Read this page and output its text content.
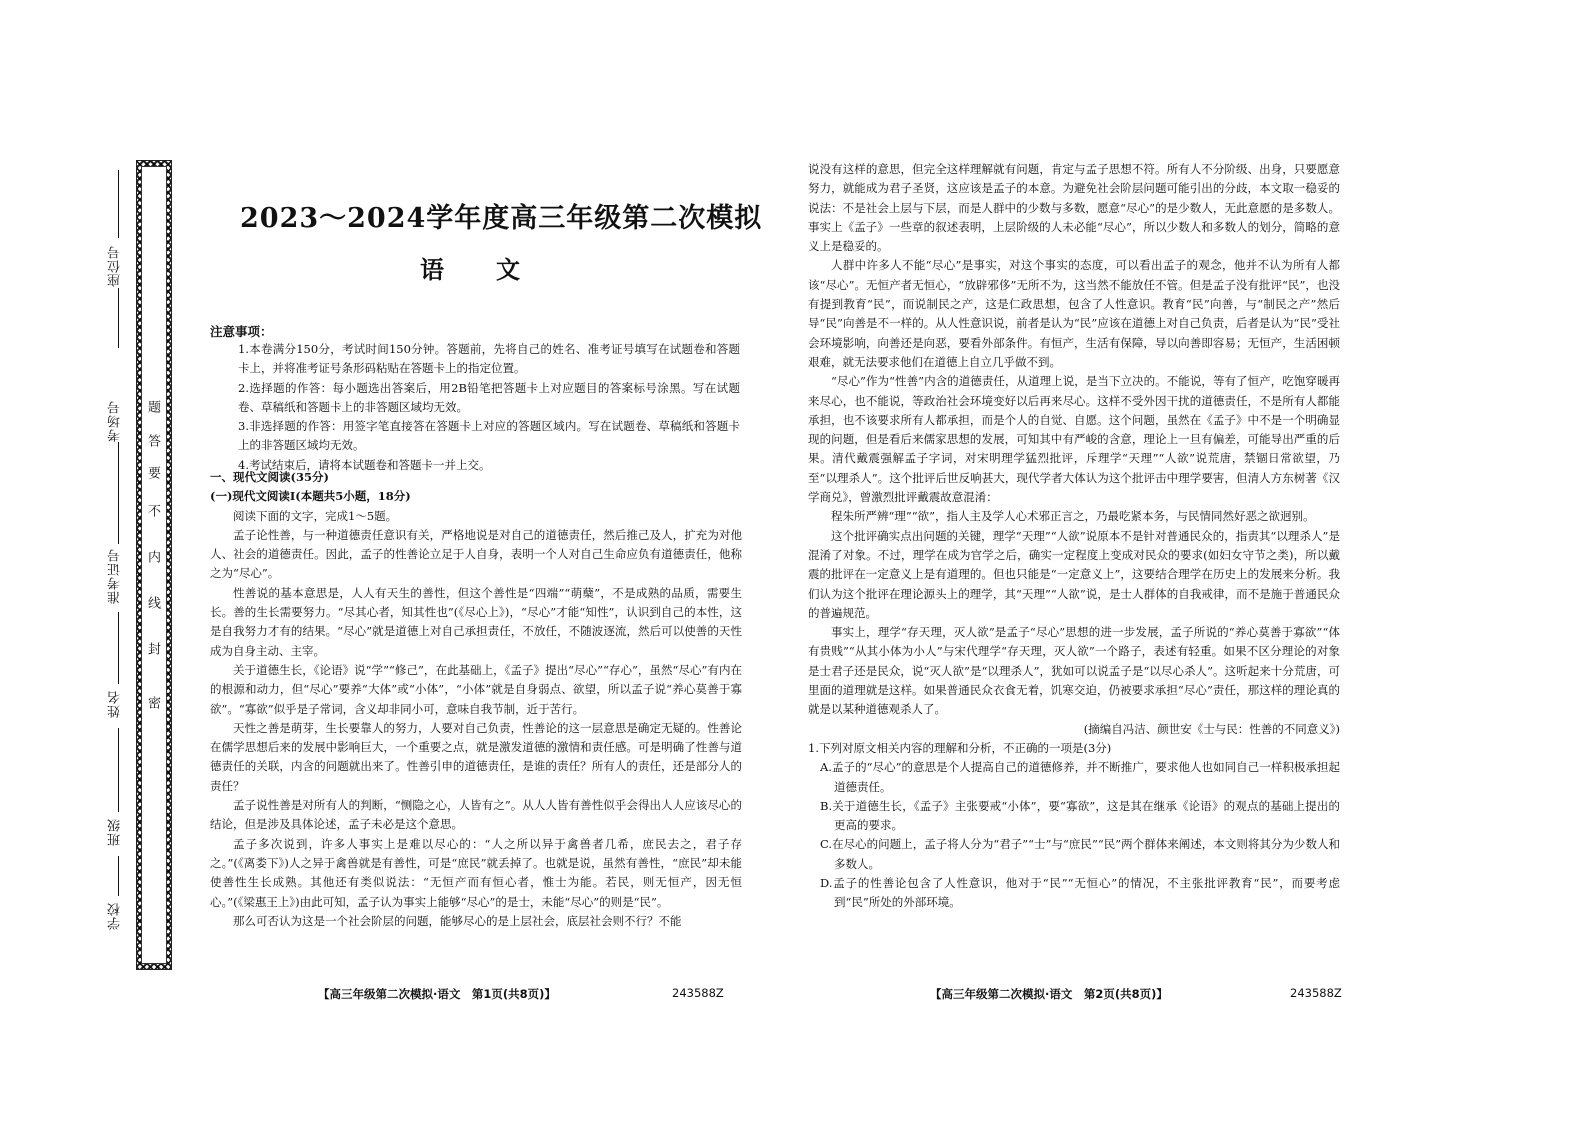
座位号
考场号
准考证号
姓名
班级
学校
密
封
线
内
不
要
答
题
2023～2024学年度高三年级第二次模拟
语文
注意事项：

1.本卷满分150分，考试时间150分钟。答题前，先将自己的姓名、准考证号填写在试题卷和答题卡上，并将准考证号条形码粘贴在答题卡上的指定位置。

2.选择题的作答：每小题选出答案后，用2B铅笔把答题卡上对应题目的答案标号涂黑。写在试题卷、草稿纸和答题卡上的非答题区域均无效。

3.非选择题的作答：用签字笔直接答在答题卡上对应的答题区域内。写在试题卷、草稿纸和答题卡上的非答题区域均无效。

4.考试结束后，请将本试题卷和答题卡一并上交。

一、现代文阅读(35分)

(一)现代文阅读Ⅰ(本题共5小题，18分)

阅读下面的文字，完成1～5题。

孟子论性善，与一种道德责任意识有关，严格地说是对自己的道德责任，然后推己及人，扩充为对他人、社会的道德责任。因此，孟子的性善论立足于人自身，表明一个人对自己生命应负有道德责任，他称之为“尽心”。

性善说的基本意思是，人人有天生的善性，但这个善性是“四端”“萌蘖”，不是成熟的品质，需要生长。善的生长需要努力。“尽其心者，知其性也”(《尽心上》)，“尽心”才能“知性”，认识到自己的本性，这是自我努力才有的结果。“尽心”就是道德上对自己承担责任，不放任，不随波逐流，然后可以使善的天性成为自身主动、主宰。

关于道德生长，《论语》说“学”“修己”，在此基础上，《孟子》提出“尽心”“存心”，虽然“尽心”有内在的根源和动力，但“尽心”要养“大体”或“小体”，“小体”就是自身弱点、欲望，所以孟子说“养心莫善于寡欲”。“寡欲”似乎是子常词，含义却非同小可，意味自我节制，近于苦行。

天性之善是萌芽，生长要靠人的努力，人要对自己负责，性善论的这一层意思是确定无疑的。性善论在儒学思想后来的发展中影响巨大，一个重要之点，就是激发道德的激情和责任感。可是明确了性善与道德责任的关联，内含的问题就出来了。性善引申的道德责任，是谁的责任？所有人的责任，还是部分人的责任？

孟子说性善是对所有人的判断，“恻隐之心，人皆有之”。从人人皆有善性似乎会得出人人应该尽心的结论，但是涉及具体论述，孟子未必是这个意思。

孟子多次说到，许多人事实上是难以尽心的：“人之所以异于禽兽者几希，庶民去之，君子存之。”(《离娄下》)人之异于禽兽就是有善性，可是“庶民”就丢掉了。也就是说，虽然有善性，“庶民”却未能使善性生长成熟。其他还有类似说法：“无恒产而有恒心者，惟士为能。若民，则无恒产，因无恒心。”(《梁惠王上》)由此可知，孟子认为事实上能够“尽心”的是士，未能“尽心”的则是“民”。

那么可否认为这是一个社会阶层的问题，能够尽心的是上层社会，底层社会则不行？不能

【高三年级第二次模拟·语文　第1页(共8页)】	243588Z

说没有这样的意思，但完全这样理解就有问题，肯定与孟子思想不符。所有人不分阶级、出身，只要愿意努力，就能成为君子圣贤，这应该是孟子的本意。为避免社会阶层问题可能引出的分歧，本文取一稳妥的说法：不是社会上层与下层，而是人群中的少数与多数，愿意“尽心”的是少数人，无此意愿的是多数人。事实上《孟子》一些章的叙述表明，上层阶级的人未必能“尽心”，所以少数人和多数人的划分，简略的意义上是稳妥的。

人群中许多人不能“尽心”是事实，对这个事实的态度，可以看出孟子的观念，他并不认为所有人都该“尽心”。无恒产者无恒心，“放辟邪侈”无所不为，这当然不能放任不管。但是孟子没有批评“民”，也没有提到教育“民”，而说制民之产，这是仁政思想，包含了人性意识。教育“民”向善，与“制民之产”然后导“民”向善是不一样的。从人性意识说，前者是认为“民”应该在道德上对自己负责，后者是认为“民”受社会环境影响，向善还是向恶，要看外部条件。有恒产，生活有保障，导以向善即容易；无恒产，生活困顿艰难，就无法要求他们在道德上自立几乎做不到。

“尽心”作为“性善”内含的道德责任，从道理上说，是当下立决的。不能说，等有了恒产，吃饱穿暖再来尽心，也不能说，等政治社会环境变好以后再来尽心。这样不受外因干扰的道德责任，不是所有人都能承担，也不该要求所有人都承担，而是个人的自觉、自愿。这个问题，虽然在《孟子》中不是一个明确显现的问题，但是看后来儒家思想的发展，可知其中有严峻的含意，理论上一旦有偏差，可能导出严重的后果。清代戴震强解孟子字词，对宋明理学猛烈批评，斥理学“天理”“人欲”说荒唐，禁锢日常欲望，乃至“以理杀人”。这个批评后世反响甚大，现代学者大体认为这个批评击中理学要害，但清人方东树著《汉学商兑》，曾激烈批评戴震故意混淆：

程朱所严辨“理”“欲”，指人主及学人心术邪正言之，乃最吃紧本务，与民情同然好恶之欲迥别。

这个批评确实点出问题的关键，理学“天理”“人欲”说原本不是针对普通民众的，指责其“以理杀人”是混淆了对象。不过，理学在成为官学之后，确实一定程度上变成对民众的要求(如妇女守节之类)，所以戴震的批评在一定意义上是有道理的。但也只能是“一定意义上”，这要结合理学在历史上的发展来分析。我们认为这个批评在理论源头上的理学，其“天理”“人欲”说，是士人群体的自我戒律，而不是施于普通民众的普遍规范。

事实上，理学“存天理，灭人欲”是孟子“尽心”思想的进一步发展，孟子所说的“养心莫善于寡欲”“体有贵贱”“从其小体为小人”与宋代理学“存天理，灭人欲”一个路子，表述有轻重。如果不区分理论的对象是士君子还是民众，说“灭人欲”是“以理杀人”，犹如可以说孟子是“以尽心杀人”。这听起来十分荒唐，可里面的道理就是这样。如果普通民众衣食无着，饥寒交迫，仍被要求承担“尽心”责任，那这样的理论真的就是以某种道德观杀人了。

(摘编自冯洁、颜世安《士与民：性善的不同意义》)

1.下列对原文相关内容的理解和分析，不正确的一项是(3分)

A.孟子的“尽心”的意思是个人提高自己的道德修养，并不断推广，要求他人也如同自己一样积极承担起道德责任。

B.关于道德生长，《孟子》主张要戒“小体”，要“寡欲”，这是其在继承《论语》的观点的基础上提出的更高的要求。

C.在尽心的问题上，孟子将人分为“君子”“士”与“庶民”“民”两个群体来阐述，本文则将其分为少数人和多数人。

D.孟子的性善论包含了人性意识，他对于“民”“无恒心”的情况，不主张批评教育“民”，而要考虑到“民”所处的外部环境。

【高三年级第二次模拟·语文　第2页(共8页)】	243588Z
